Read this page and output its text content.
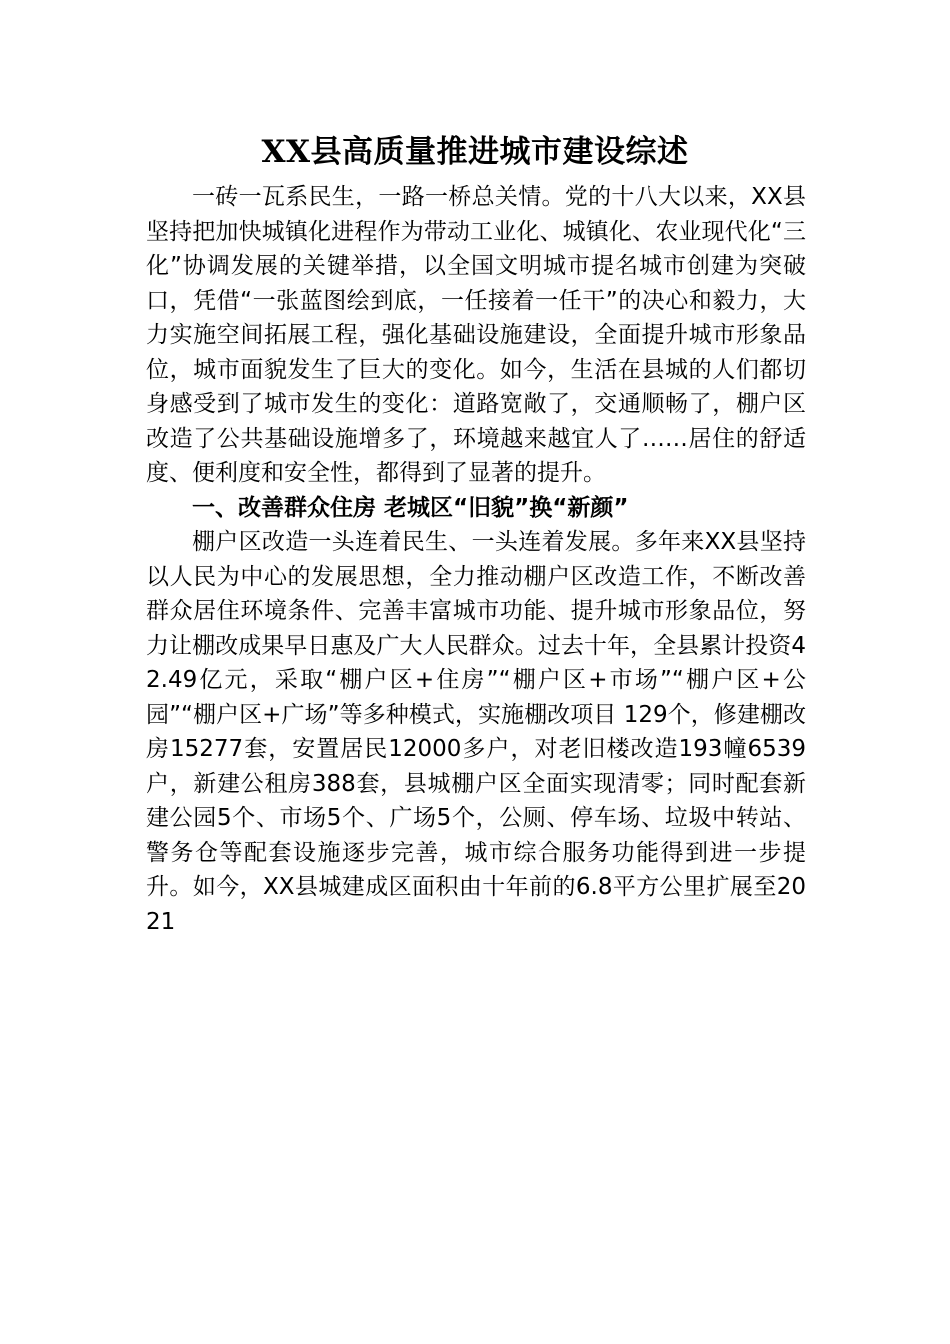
XX县高质量推进城市建设综述

一砖一瓦系民生，一路一桥总关情。党的十八大以来，XX县坚持把加快城镇化进程作为带动工业化、城镇化、农业现代化“三化”协调发展的关键举措，以全国文明城市提名城市创建为突破口，凭借“一张蓝图绘到底，一任接着一任干”的决心和毅力，大力实施空间拓展工程，强化基础设施建设，全面提升城市形象品位，城市面貌发生了巨大的变化。如今，生活在县城的人们都切身感受到了城市发生的变化：道路宽敞了，交通顺畅了，棚户区改造了公共基础设施增多了，环境越来越宜人了……居住的舒适度、便利度和安全性，都得到了显著的提升。

一、改善群众住房 老城区“旧貌”换“新颜”

棚户区改造一头连着民生、一头连着发展。多年来XX县坚持以人民为中心的发展思想，全力推动棚户区改造工作，不断改善群众居住环境条件、完善丰富城市功能、提升城市形象品位，努力让棚改成果早日惠及广大人民群众。过去十年，全县累计投资42.49亿元，采取“棚户区+住房”“棚户区+市场”“棚户区+公园”“棚户区+广场”等多种模式，实施棚改项目 129个，修建棚改房15277套，安置居民12000多户，对老旧楼改造193幢6539户，新建公租房388套，县城棚户区全面实现清零；同时配套新建公园5个、市场5个、广场5个，公厕、停车场、垃圾中转站、警务仓等配套设施逐步完善，城市综合服务功能得到进一步提升。如今，XX县城建成区面积由十年前的6.8平方公里扩展至2021
